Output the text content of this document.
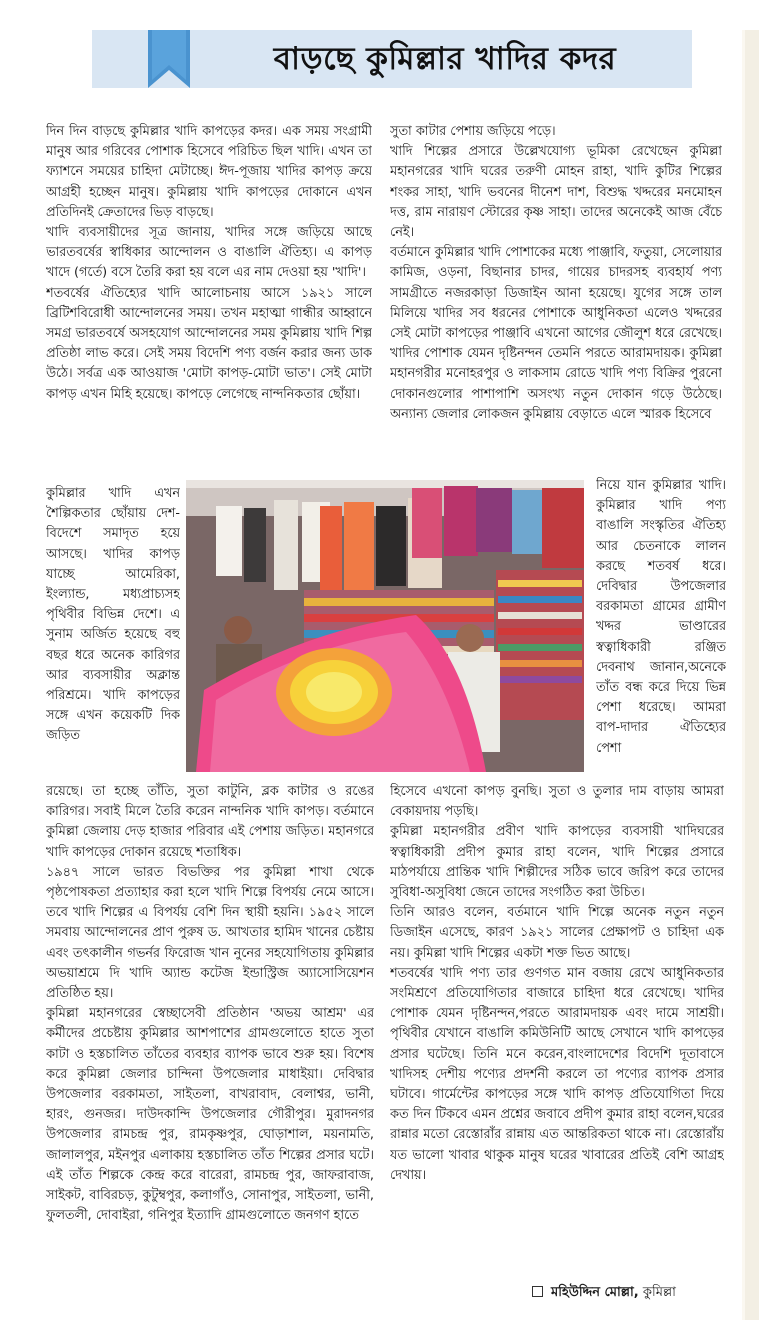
বাড়ছে কুমিল্লার খাদির কদর

দিন দিন বাড়ছে কুমিল্লার খাদি কাপড়ের কদর। এক সময় সংগ্রামী মানুষ আর গরিবের পোশাক হিসেবে পরিচিত ছিল খাদি। এখন তা ফ্যাশনে সময়ের চাহিদা মেটাচ্ছে। ঈদ-পূজায় খাদির কাপড় ক্রয়ে আগ্রহী হচ্ছেন মানুষ। কুমিল্লায় খাদি কাপড়ের দোকানে এখন প্রতিদিনই ক্রেতাদের ভিড় বাড়ছে।

খাদি ব্যবসায়ীদের সূত্র জানায়, খাদির সঙ্গে জড়িয়ে আছে ভারতবর্ষের স্বাধিকার আন্দোলন ও বাঙালি ঐতিহ্য। এ কাপড় খাদে (গর্তে) বসে তৈরি করা হয় বলে এর নাম দেওয়া হয় 'খাদি'।

শতবর্ষের ঐতিহ্যের খাদি আলোচনায় আসে ১৯২১ সালে ব্রিটিশবিরোধী আন্দোলনের সময়। তখন মহাত্মা গান্ধীর আহ্বানে সমগ্র ভারতবর্ষে অসহযোগ আন্দোলনের সময় কুমিল্লায় খাদি শিল্প প্রতিষ্ঠা লাভ করে। সেই সময় বিদেশি পণ্য বর্জন করার জন্য ডাক উঠে। সর্বত্র এক আওয়াজ 'মোটা কাপড়-মোটা ভাত'। সেই মোটা কাপড় এখন মিহি হয়েছে। কাপড়ে লেগেছে নান্দনিকতার ছোঁয়া।

কুমিল্লার খাদি এখন শৈল্পিকতার ছোঁয়ায় দেশ-বিদেশে সমাদৃত হয়ে আসছে। খাদির কাপড় যাচ্ছে আমেরিকা, ইংল্যান্ড, মধ্যপ্রাচ্যসহ পৃথিবীর বিভিন্ন দেশে। এ সুনাম অর্জিত হয়েছে বহু বছর ধরে অনেক কারিগর আর ব্যবসায়ীর অক্লান্ত পরিশ্রমে। খাদি কাপড়ের সঙ্গে এখন কয়েকটি দিক জড়িত

রয়েছে। তা হচ্ছে তাঁতি, সুতা কাটুনি, ব্লক কাটার ও রঙের কারিগর। সবাই মিলে তৈরি করেন নান্দনিক খাদি কাপড়। বর্তমানে কুমিল্লা জেলায় দেড় হাজার পরিবার এই পেশায় জড়িত। মহানগরে খাদি কাপড়ের দোকান রয়েছে শতাধিক।

১৯৪৭ সালে ভারত বিভক্তির পর কুমিল্লা শাখা থেকে পৃষ্ঠপোষকতা প্রত্যাহার করা হলে খাদি শিল্পে বিপর্যয় নেমে আসে। তবে খাদি শিল্পের এ বিপর্যয় বেশি দিন স্থায়ী হয়নি। ১৯৫২ সালে সমবায় আন্দোলনের প্রাণ পুরুষ ড. আখতার হামিদ খানের চেষ্টায় এবং তৎকালীন গভর্নর ফিরোজ খান নুনের সহযোগিতায় কুমিল্লার অভয়াশ্রমে দি খাদি অ্যান্ড কটেজ ইন্ডাস্ট্রিজ অ্যাসোসিয়েশন প্রতিষ্ঠিত হয়।

কুমিল্লা মহানগরের স্বেচ্ছাসেবী প্রতিষ্ঠান 'অভয় আশ্রম' এর কর্মীদের প্রচেষ্টায় কুমিল্লার আশপাশের গ্রামগুলোতে হাতে সুতা কাটা ও হস্তচালিত তাঁতের ব্যবহার ব্যাপক ভাবে শুরু হয়। বিশেষ করে কুমিল্লা জেলার চান্দিনা উপজেলার মাধাইয়া। দেবিদ্বার উপজেলার বরকামতা, সাইতলা, বাখরাবাদ, বেলাশ্বর, ভানী, হারং, গুনজর। দাউদকান্দি উপজেলার গৌরীপুর। মুরাদনগর উপজেলার রামচন্দ্র পুর, রামকৃষ্ণপুর, ঘোড়াশাল, ময়নামতি, জালালপুর, মইনপুর এলাকায় হস্তচালিত তাঁত শিল্পের প্রসার ঘটে। এই তাঁত শিল্পকে কেন্দ্র করে বারেরা, রামচন্দ্র পুর, জাফরাবাজ, সাইকট, বাবিরচড়, কুটুম্বপুর, কলাগাঁও, সোনাপুর, সাইতলা, ভানী, ফুলতলী, দোবাইরা, গনিপুর ইত্যাদি গ্রামগুলোতে জনগণ হাতে

সুতা কাটার পেশায় জড়িয়ে পড়ে।

খাদি শিল্পের প্রসারে উল্লেখযোগ্য ভূমিকা রেখেছেন কুমিল্লা মহানগরের খাদি ঘরের তরুণী মোহন রাহা, খাদি কুটির শিল্পের শংকর সাহা, খাদি ভবনের দীনেশ দাশ, বিশুদ্ধ খদ্দরের মনমোহন দত্ত, রাম নারায়ণ স্টোরের কৃষ্ণ সাহা। তাদের অনেকেই আজ বেঁচে নেই।

বর্তমানে কুমিল্লার খাদি পোশাকের মধ্যে পাঞ্জাবি, ফতুয়া, সেলোয়ার কামিজ, ওড়না, বিছানার চাদর, গায়ের চাদরসহ ব্যবহার্য পণ্য সামগ্রীতে নজরকাড়া ডিজাইন আনা হয়েছে। যুগের সঙ্গে তাল মিলিয়ে খাদির সব ধরনের পোশাকে আধুনিকতা এলেও খদ্দরের সেই মোটা কাপড়ের পাঞ্জাবি এখনো আগের জৌলুশ ধরে রেখেছে। খাদির পোশাক যেমন দৃষ্টিনন্দন তেমনি পরতে আরামদায়ক। কুমিল্লা মহানগরীর মনোহরপুর ও লাকসাম রোডে খাদি পণ্য বিক্রির পুরনো দোকানগুলোর পাশাপাশি অসংখ্য নতুন দোকান গড়ে উঠেছে। অন্যান্য জেলার লোকজন কুমিল্লায় বেড়াতে এলে স্মারক হিসেবে

নিয়ে যান কুমিল্লার খাদি। কুমিল্লার খাদি পণ্য বাঙালি সংস্কৃতির ঐতিহ্য আর চেতনাকে লালন করছে শতবর্ষ ধরে। দেবিদ্বার উপজেলার বরকামতা গ্রামের গ্রামীণ খদ্দর ভাণ্ডারের স্বত্বাধিকারী রঞ্জিত দেবনাথ জানান,অনেকে তাঁত বন্ধ করে দিয়ে ভিন্ন পেশা ধরেছে। আমরা বাপ-দাদার ঐতিহ্যের পেশা

হিসেবে এখনো কাপড় বুনছি। সুতা ও তুলার দাম বাড়ায় আমরা বেকায়দায় পড়ছি।

কুমিল্লা মহানগরীর প্রবীণ খাদি কাপড়ের ব্যবসায়ী খাদিঘরের স্বত্বাধিকারী প্রদীপ কুমার রাহা বলেন, খাদি শিল্পের প্রসারে মাঠপর্যায়ে প্রান্তিক খাদি শিল্পীদের সঠিক ভাবে জরিপ করে তাদের সুবিধা-অসুবিধা জেনে তাদের সংগঠিত করা উচিত।

তিনি আরও বলেন, বর্তমানে খাদি শিল্পে অনেক নতুন নতুন ডিজাইন এসেছে, কারণ ১৯২১ সালের প্রেক্ষাপট ও চাহিদা এক নয়। কুমিল্লা খাদি শিল্পের একটা শক্ত ভিত আছে।

শতবর্ষের খাদি পণ্য তার গুণগত মান বজায় রেখে আধুনিকতার সংমিশ্রণে প্রতিযোগিতার বাজারে চাহিদা ধরে রেখেছে। খাদির পোশাক যেমন দৃষ্টিনন্দন,পরতে আরামদায়ক এবং দামে সাশ্রয়ী। পৃথিবীর যেখানে বাঙালি কমিউনিটি আছে সেখানে খাদি কাপড়ের প্রসার ঘটেছে। তিনি মনে করেন,বাংলাদেশের বিদেশি দূতাবাসে খাদিসহ দেশীয় পণ্যের প্রদর্শনী করলে তা পণ্যের ব্যাপক প্রসার ঘটাবে। গার্মেন্টের কাপড়ের সঙ্গে খাদি কাপড় প্রতিযোগিতা দিয়ে কত দিন টিকবে এমন প্রশ্নের জবাবে প্রদীপ কুমার রাহা বলেন,ঘরের রান্নার মতো রেস্তোরাঁর রান্নায় এত আন্তরিকতা থাকে না। রেস্তোরাঁয় যত ভালো খাবার থাকুক মানুষ ঘরের খাবারের প্রতিই বেশি আগ্রহ দেখায়।

মহিউদ্দিন মোল্লা, কুমিল্লা
